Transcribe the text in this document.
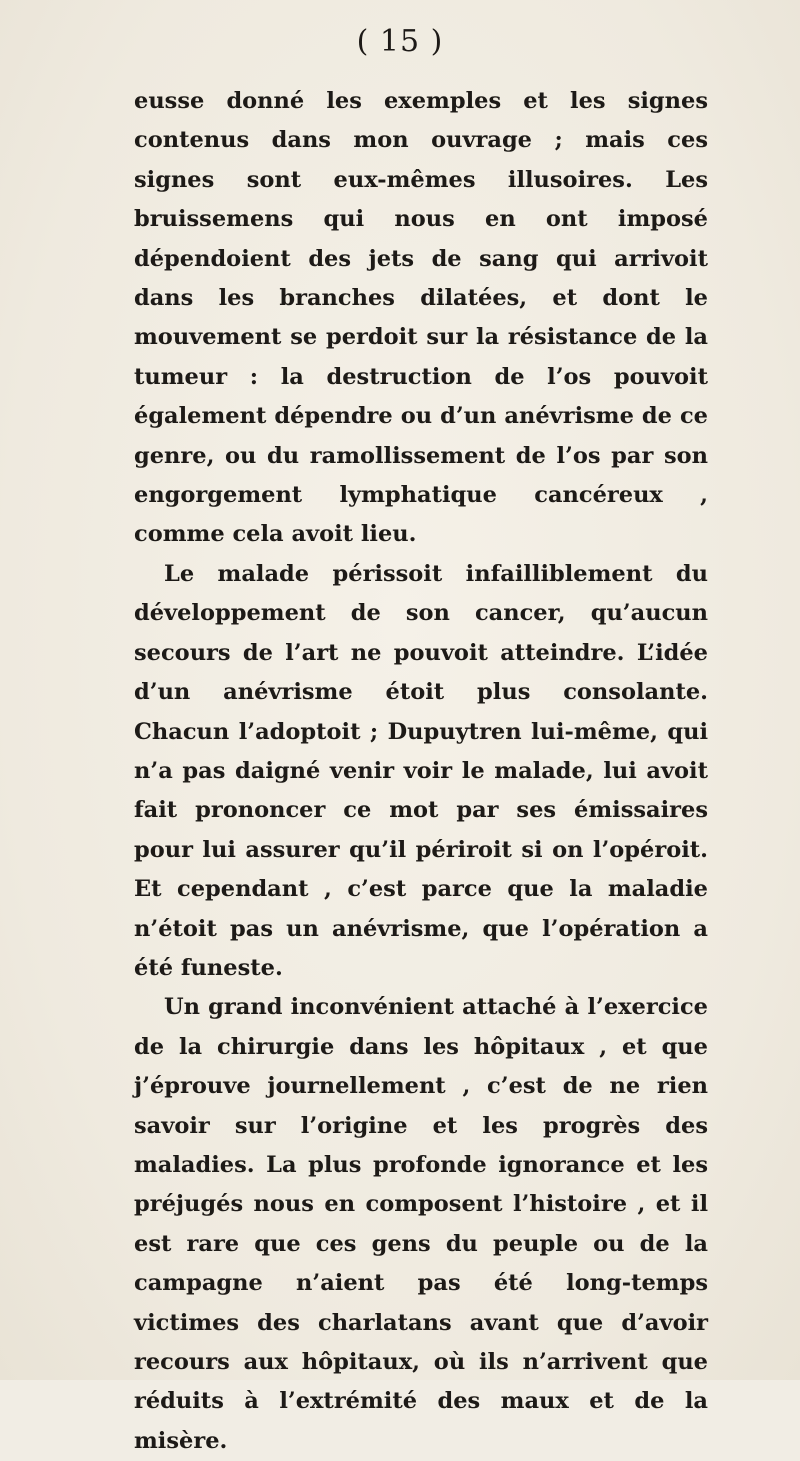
( 15 )

eusse donné les exemples et les signes contenus dans mon ouvrage ; mais ces signes sont eux-mêmes illusoires. Les bruissemens qui nous en ont imposé dépendoient des jets de sang qui arrivoit dans les branches dilatées, et dont le mouvement se perdoit sur la résistance de la tumeur : la destruction de l’os pouvoit également dépendre ou d’un anévrisme de ce genre, ou du ramollissement de l’os par son engorgement lymphatique cancéreux , comme cela avoit lieu.

Le malade périssoit infailliblement du développement de son cancer, qu’aucun secours de l’art ne pouvoit atteindre. L’idée d’un anévrisme étoit plus consolante. Chacun l’adoptoit ; Dupuytren lui-même, qui n’a pas daigné venir voir le malade, lui avoit fait prononcer ce mot par ses émissaires pour lui assurer qu’il périroit si on l’opéroit. Et cependant , c’est parce que la maladie n’étoit pas un anévrisme, que l’opération a été funeste.

Un grand inconvénient attaché à l’exercice de la chirurgie dans les hôpitaux , et que j’éprouve journellement , c’est de ne rien savoir sur l’origine et les progrès des maladies. La plus profonde ignorance et les préjugés nous en composent l’histoire , et il est rare que ces gens du peuple ou de la campagne n’aient pas été long-temps victimes des charlatans avant que d’avoir recours aux hôpitaux, où ils n’arrivent que réduits à l’extrémité des maux et de la misère.
